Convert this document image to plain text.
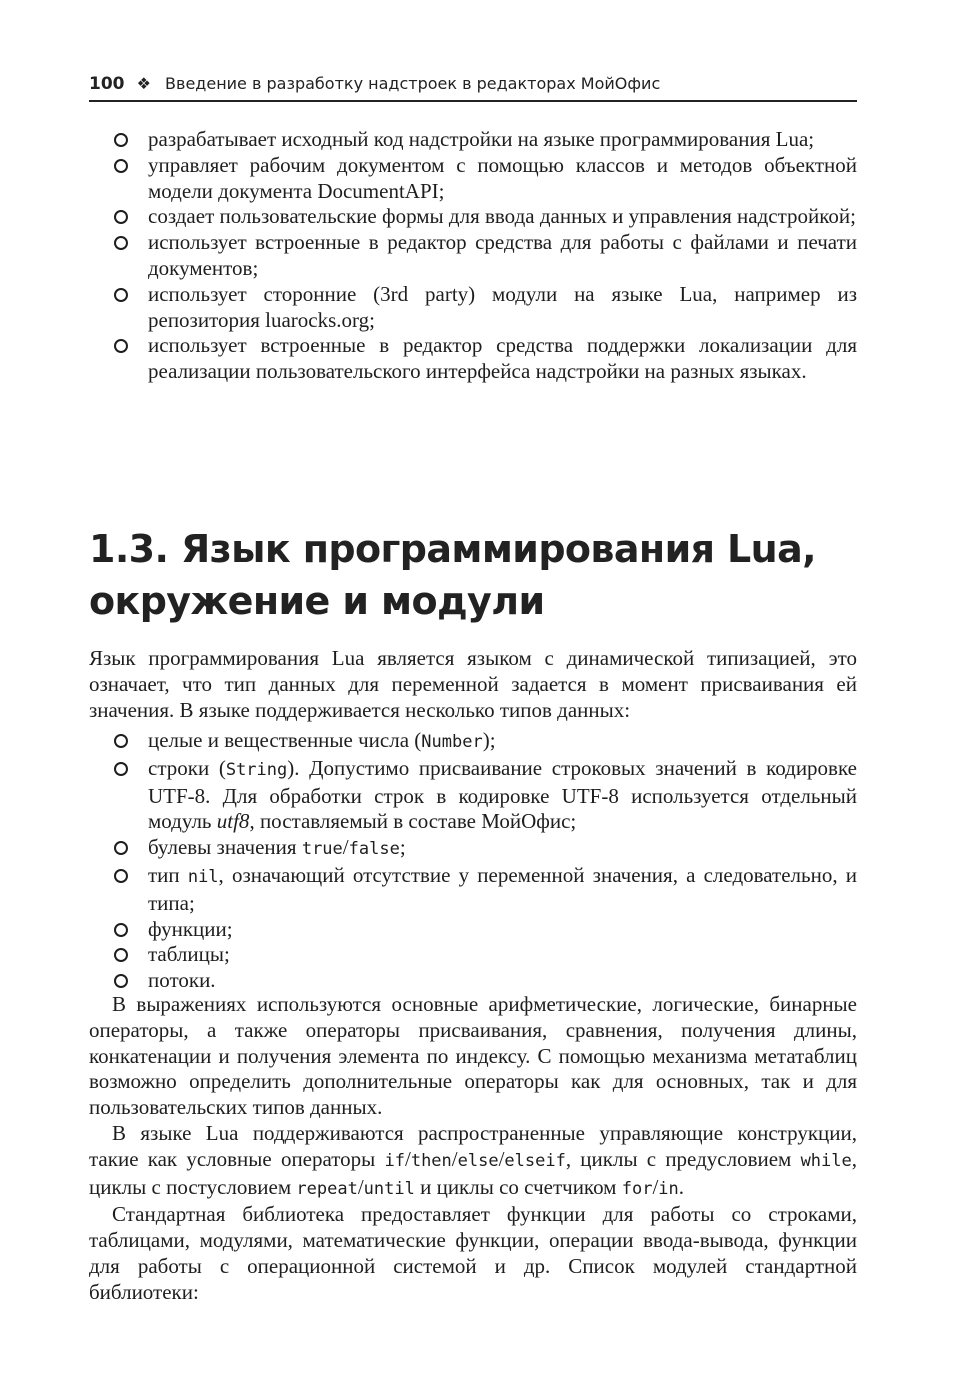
100 ❖ Введение в разработку надстроек в редакторах МойОфис
разрабатывает исходный код надстройки на языке программирования Lua;
управляет рабочим документом с помощью классов и методов объектной модели документа DocumentAPI;
создает пользовательские формы для ввода данных и управления надстройкой;
использует встроенные в редактор средства для работы с файлами и печати документов;
использует сторонние (3rd party) модули на языке Lua, например из репозитория luarocks.org;
использует встроенные в редактор средства поддержки локализации для реализации пользовательского интерфейса надстройки на разных языках.
1.3. Язык программирования Lua,
окружение и модули
Язык программирования Lua является языком с динамической типизацией, это означает, что тип данных для переменной задается в момент присваивания ей значения. В языке поддерживается несколько типов данных:
целые и вещественные числа (Number);
строки (String). Допустимо присваивание строковых значений в кодировке UTF-8. Для обработки строк в кодировке UTF-8 используется отдельный модуль utf8, поставляемый в составе МойОфис;
булевы значения true/false;
тип nil, означающий отсутствие у переменной значения, а следовательно, и типа;
функции;
таблицы;
потоки.

В выражениях используются основные арифметические, логические, бинарные операторы, а также операторы присваивания, сравнения, получения длины, конкатенации и получения элемента по индексу. С помощью механизма метатаблиц возможно определить дополнительные операторы как для основных, так и для пользовательских типов данных.

В языке Lua поддерживаются распространенные управляющие конструкции, такие как условные операторы if/then/else/elseif, циклы с предусловием while, циклы с постусловием repeat/until и циклы со счетчиком for/in.

Стандартная библиотека предоставляет функции для работы со строками, таблицами, модулями, математические функции, операции ввода-вывода, функции для работы с операционной системой и др. Список модулей стандартной библиотеки:
